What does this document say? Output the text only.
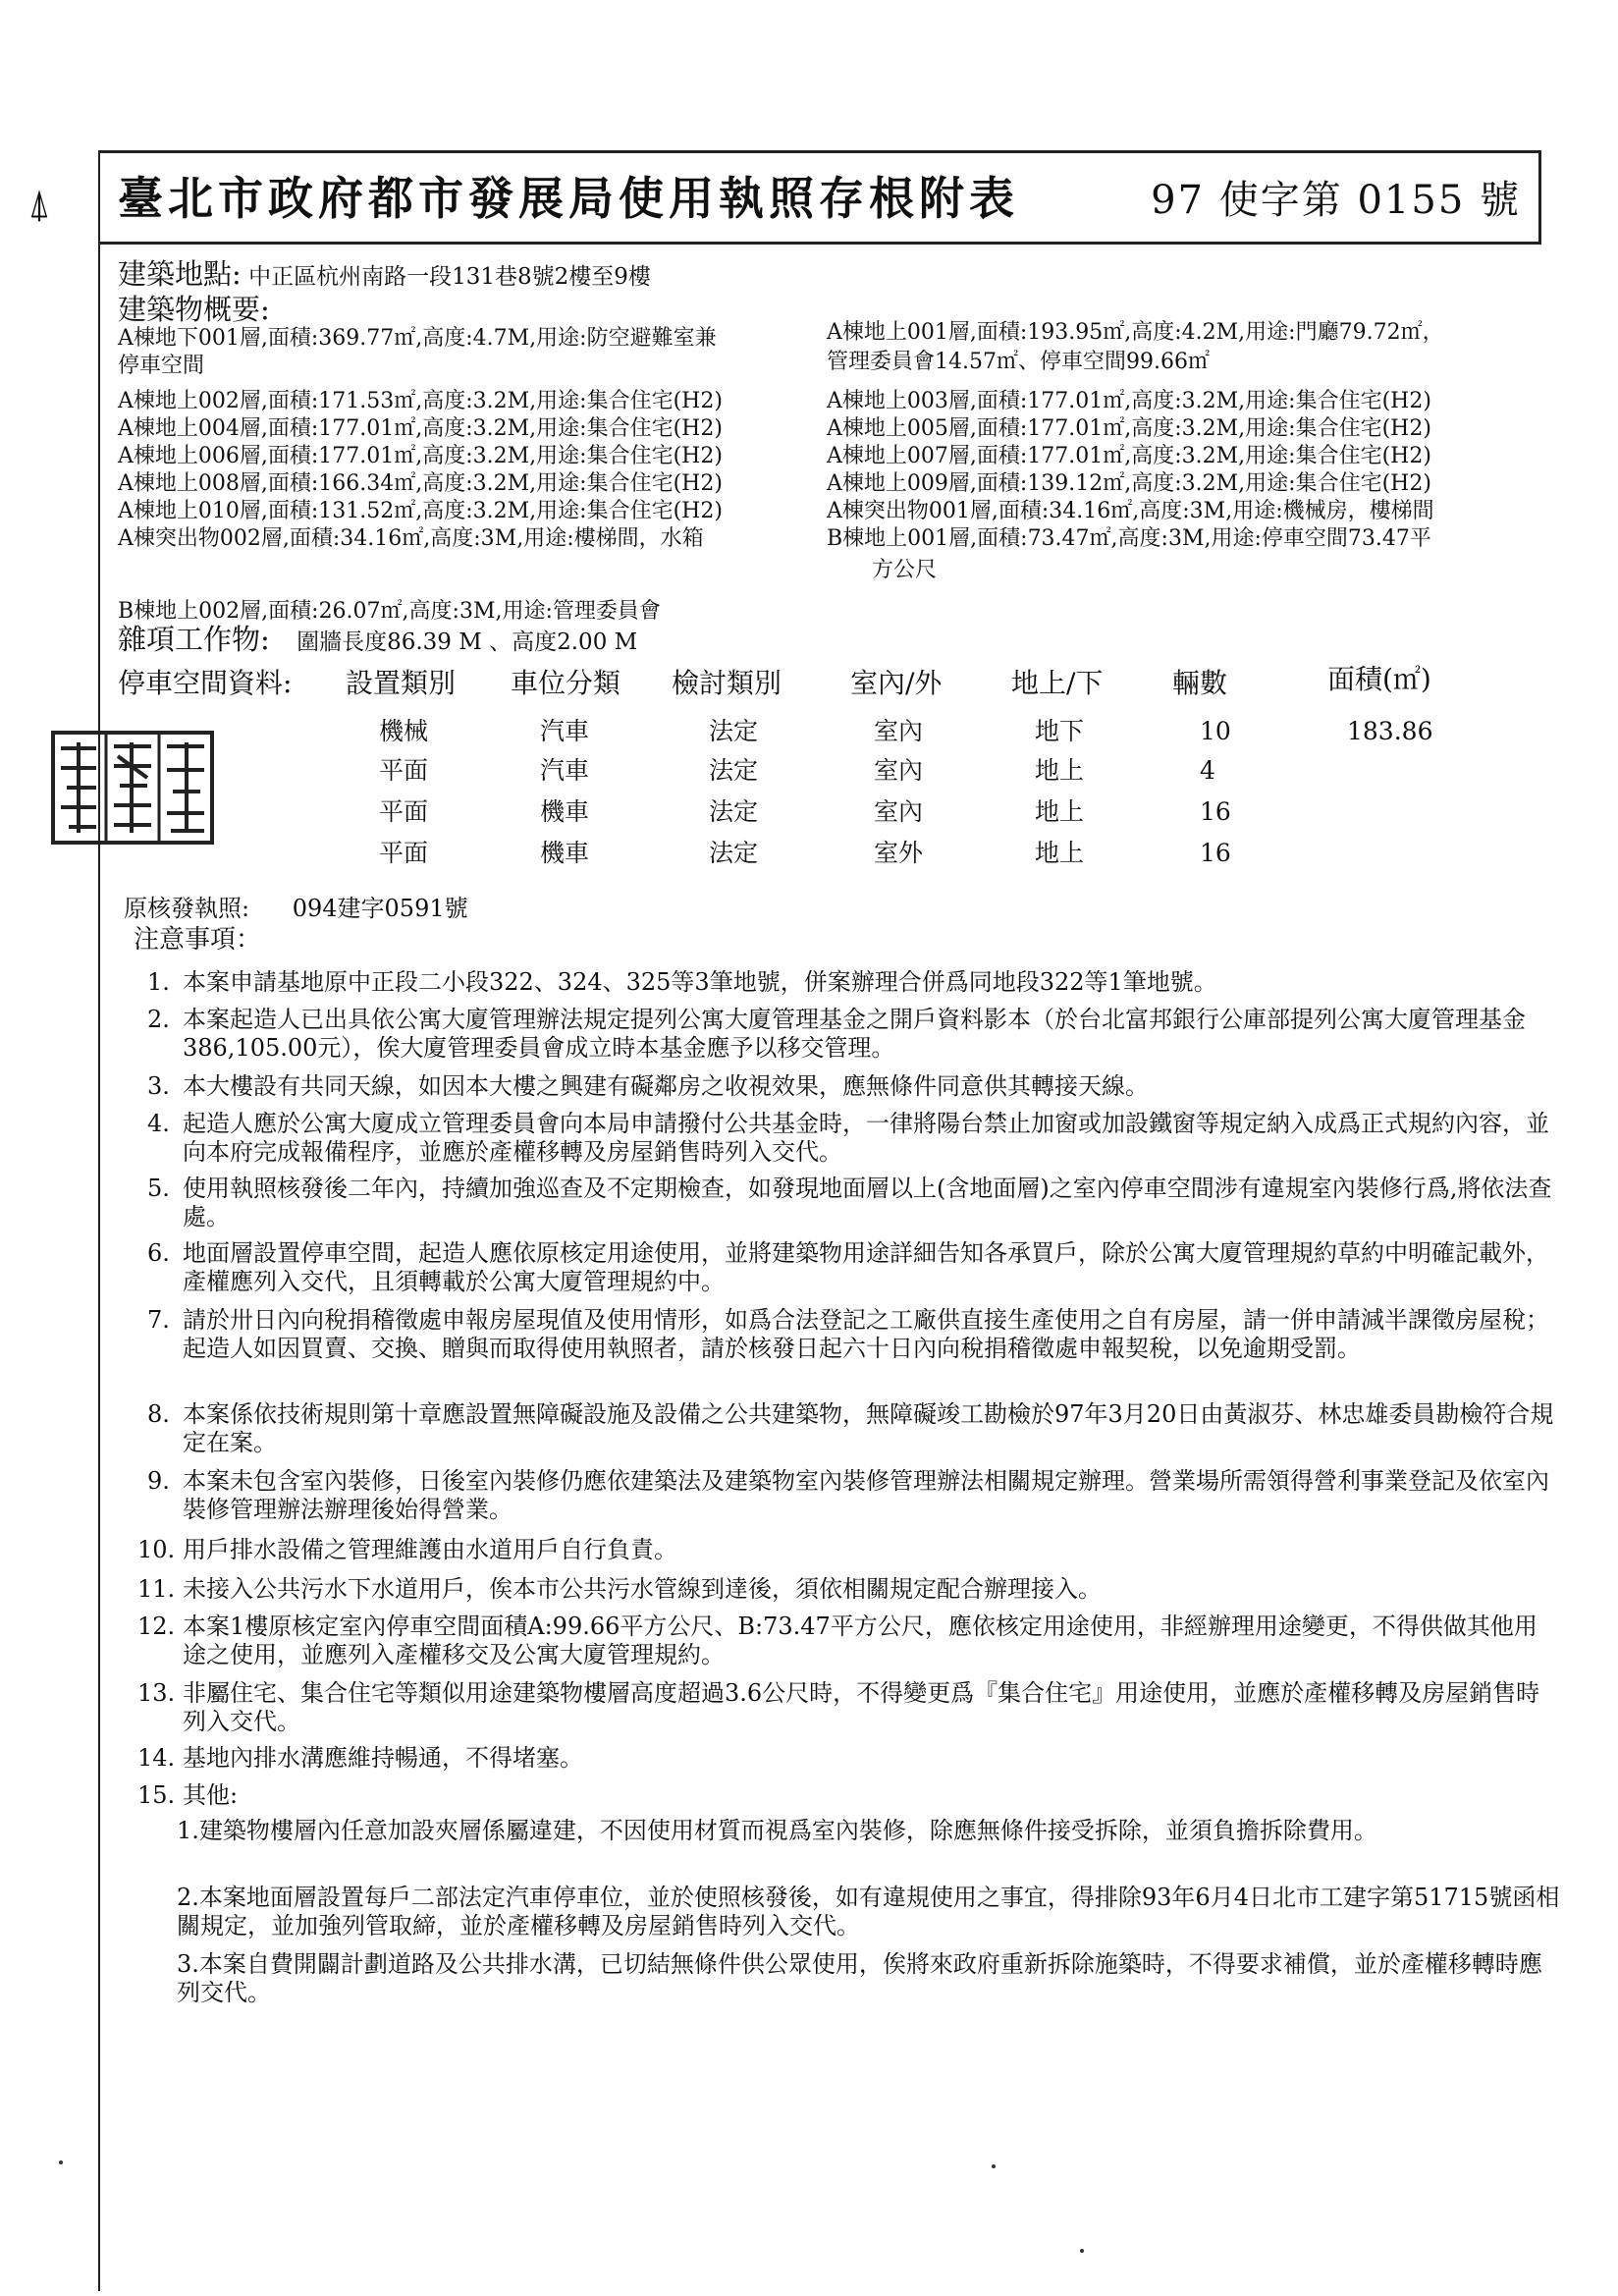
⍋ 臺北市政府都市發展局使用執照存根附表	97 使字第 0155 號
建築地點: 中正區杭州南路一段131巷8號2樓至9樓
建築物概要:
A棟地下001層,面積:369.77㎡,高度:4.7M,用途:防空避難室兼
停車空間
A棟地上002層,面積:171.53㎡,高度:3.2M,用途:集合住宅(H2)
A棟地上004層,面積:177.01㎡,高度:3.2M,用途:集合住宅(H2)
A棟地上006層,面積:177.01㎡,高度:3.2M,用途:集合住宅(H2)
A棟地上008層,面積:166.34㎡,高度:3.2M,用途:集合住宅(H2)
A棟地上010層,面積:131.52㎡,高度:3.2M,用途:集合住宅(H2)
A棟突出物002層,面積:34.16㎡,高度:3M,用途:樓梯間，水箱
A棟地上001層,面積:193.95㎡,高度:4.2M,用途:門廳79.72㎡，
管理委員會14.57㎡、停車空間99.66㎡
A棟地上003層,面積:177.01㎡,高度:3.2M,用途:集合住宅(H2)
A棟地上005層,面積:177.01㎡,高度:3.2M,用途:集合住宅(H2)
A棟地上007層,面積:177.01㎡,高度:3.2M,用途:集合住宅(H2)
A棟地上009層,面積:139.12㎡,高度:3.2M,用途:集合住宅(H2)
A棟突出物001層,面積:34.16㎡,高度:3M,用途:機械房，樓梯間
B棟地上001層,面積:73.47㎡,高度:3M,用途:停車空間73.47平
方公尺
B棟地上002層,面積:26.07㎡,高度:3M,用途:管理委員會
雜項工作物: 圍牆長度86.39 M 、高度2.00 M
停車空間資料: 設置類別 車位分類 檢討類別 室內/外	地上/下	輛數	面積(㎡)
機械	汽車	法定	室內	地下	10	183.86
平面	汽車	法定	室內	地上	4
平面	機車	法定	室內	地上	16
平面	機車	法定	室外	地上	16
原核發執照: 094建字0591號
注意事項：
1. 本案申請基地原中正段二小段322、324、325等3筆地號，併案辦理合併爲同地段322等1筆地號。
2. 本案起造人已出具依公寓大廈管理辦法規定提列公寓大廈管理基金之開戶資料影本（於台北富邦銀行公庫部提列公寓大廈管理基金386,105.00元），俟大廈管理委員會成立時本基金應予以移交管理。
3. 本大樓設有共同天線，如因本大樓之興建有礙鄰房之收視效果，應無條件同意供其轉接天線。
4. 起造人應於公寓大廈成立管理委員會向本局申請撥付公共基金時，一律將陽台禁止加窗或加設鐵窗等規定納入成爲正式規約內容，並向本府完成報備程序，並應於產權移轉及房屋銷售時列入交代。
5. 使用執照核發後二年內，持續加強巡查及不定期檢查，如發現地面層以上(含地面層)之室內停車空間涉有違規室內裝修行爲,將依法查處。
6. 地面層設置停車空間，起造人應依原核定用途使用，並將建築物用途詳細告知各承買戶，除於公寓大廈管理規約草約中明確記載外，產權應列入交代，且須轉載於公寓大廈管理規約中。
7. 請於卅日內向稅捐稽徵處申報房屋現值及使用情形，如爲合法登記之工廠供直接生產使用之自有房屋，請一併申請減半課徵房屋稅；起造人如因買賣、交換、贈與而取得使用執照者，請於核發日起六十日內向稅捐稽徵處申報契稅，以免逾期受罰。
8. 本案係依技術規則第十章應設置無障礙設施及設備之公共建築物，無障礙竣工勘檢於97年3月20日由黃淑芬、林忠雄委員勘檢符合規定在案。
9. 本案未包含室內裝修，日後室內裝修仍應依建築法及建築物室內裝修管理辦法相關規定辦理。營業場所需領得營利事業登記及依室內裝修管理辦法辦理後始得營業。
10. 用戶排水設備之管理維護由水道用戶自行負責。
11. 未接入公共污水下水道用戶，俟本市公共污水管線到達後，須依相關規定配合辦理接入。
12. 本案1樓原核定室內停車空間面積A:99.66平方公尺、B:73.47平方公尺，應依核定用途使用，非經辦理用途變更，不得供做其他用途之使用，並應列入產權移交及公寓大廈管理規約。
13. 非屬住宅、集合住宅等類似用途建築物樓層高度超過3.6公尺時，不得變更爲『集合住宅』用途使用，並應於產權移轉及房屋銷售時列入交代。
14. 基地內排水溝應維持暢通，不得堵塞。
15. 其他:
1.建築物樓層內任意加設夾層係屬違建，不因使用材質而視爲室內裝修，除應無條件接受拆除，並須負擔拆除費用。
2.本案地面層設置每戶二部法定汽車停車位，並於使照核發後，如有違規使用之事宜，得排除93年6月4日北市工建字第51715號函相關規定，並加強列管取締，並於產權移轉及房屋銷售時列入交代。
3.本案自費開闢計劃道路及公共排水溝，已切結無條件供公眾使用，俟將來政府重新拆除施築時，不得要求補償，並於產權移轉時應列交代。
